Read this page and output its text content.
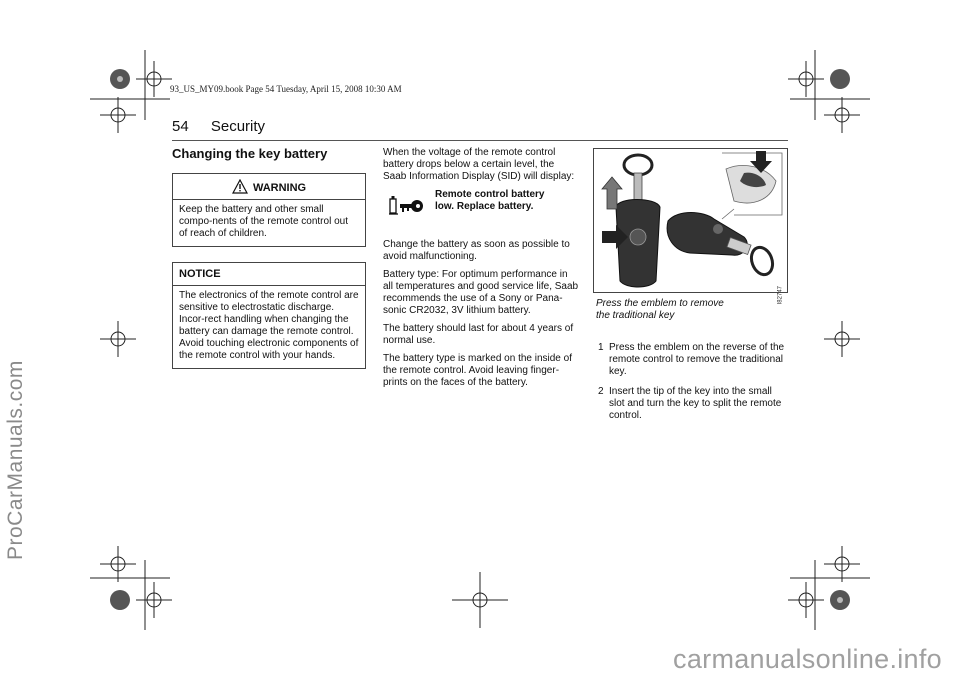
93_US_MY09.book Page 54 Tuesday, April 15, 2008 10:30 AM
54 Security
Changing the key battery
WARNING
Keep the battery and other small compo-nents of the remote control out of reach of children.
NOTICE
The electronics of the remote control are sensitive to electrostatic discharge. Incor-rect handling when changing the battery can damage the remote control. Avoid touching electronic components of the remote control with your hands.

When the voltage of the remote control battery drops below a certain level, the Saab Information Display (SID) will display:

Remote control battery
low. Replace battery.

Change the battery as soon as possible to avoid malfunctioning.

Battery type: For optimum performance in all temperatures and good service life, Saab recommends the use of a Sony or Pana-sonic CR2032, 3V lithium battery.

The battery should last for about 4 years of normal use.

The battery type is marked on the inside of the remote control. Avoid leaving finger-prints on the faces of the battery.

I82747
Press the emblem to remove
the traditional key
1 Press the emblem on the reverse of the remote control to remove the traditional key.
2 Insert the tip of the key into the small slot and turn the key to split the remote control.
ProCarManuals.com
carmanualsonline.info
